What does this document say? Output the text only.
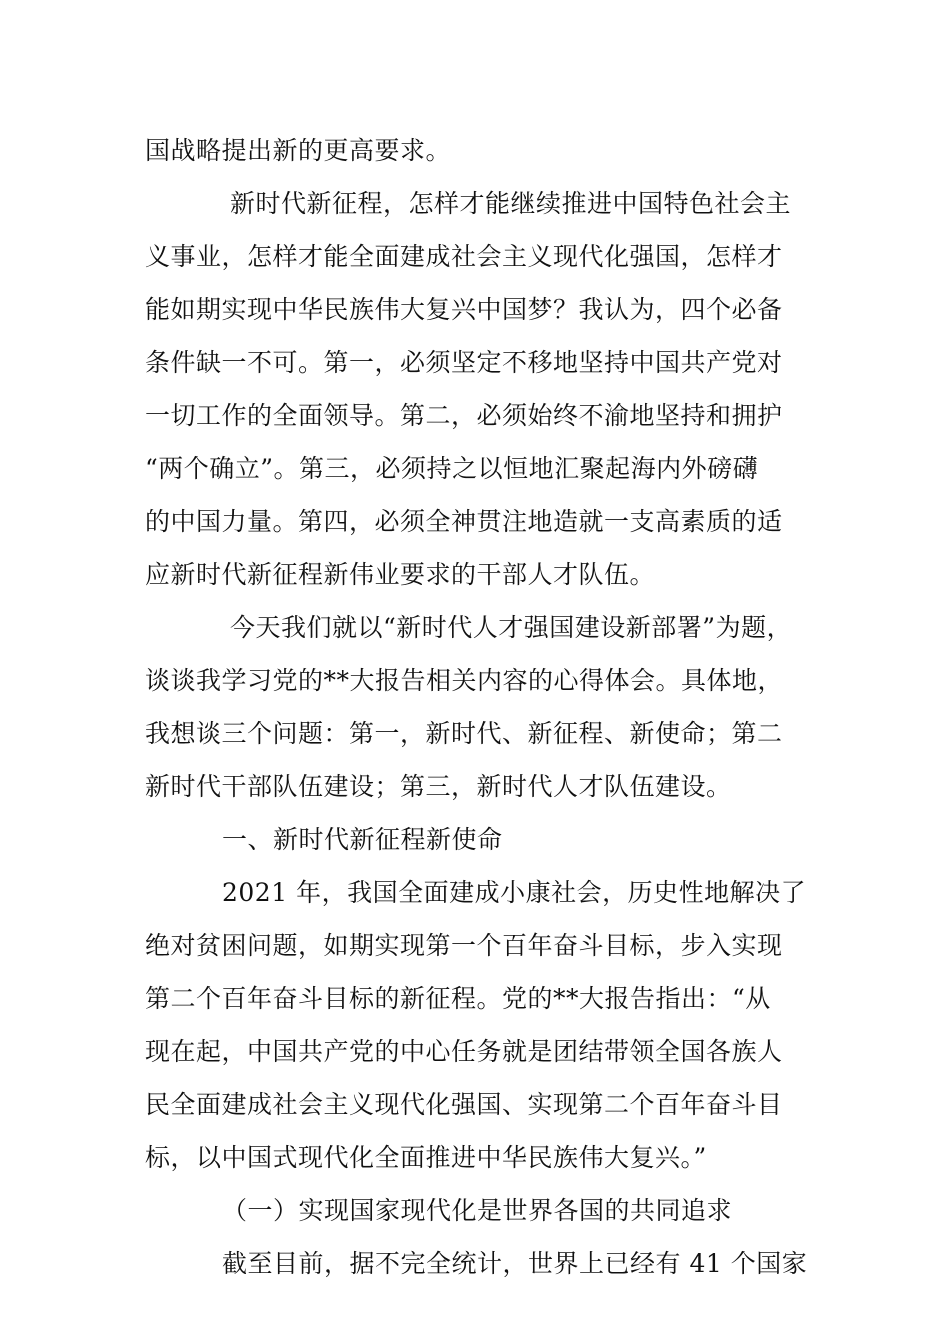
国战略提出新的更高要求。
新时代新征程，怎样才能继续推进中国特色社会主
义事业，怎样才能全面建成社会主义现代化强国，怎样才
能如期实现中华民族伟大复兴中国梦？我认为，四个必备
条件缺一不可。第一，必须坚定不移地坚持中国共产党对
一切工作的全面领导。第二，必须始终不渝地坚持和拥护
“两个确立”。第三，必须持之以恒地汇聚起海内外磅礴
的中国力量。第四，必须全神贯注地造就一支高素质的适
应新时代新征程新伟业要求的干部人才队伍。
今天我们就以“新时代人才强国建设新部署”为题，
谈谈我学习党的**大报告相关内容的心得体会。具体地，
我想谈三个问题：第一，新时代、新征程、新使命；第二
新时代干部队伍建设；第三，新时代人才队伍建设。
一、新时代新征程新使命
2021 年，我国全面建成小康社会，历史性地解决了
绝对贫困问题，如期实现第一个百年奋斗目标，步入实现
第二个百年奋斗目标的新征程。党的**大报告指出：“从
现在起，中国共产党的中心任务就是团结带领全国各族人
民全面建成社会主义现代化强国、实现第二个百年奋斗目
标，以中国式现代化全面推进中华民族伟大复兴。”
（一）实现国家现代化是世界各国的共同追求
截至目前，据不完全统计，世界上已经有 41 个国家
